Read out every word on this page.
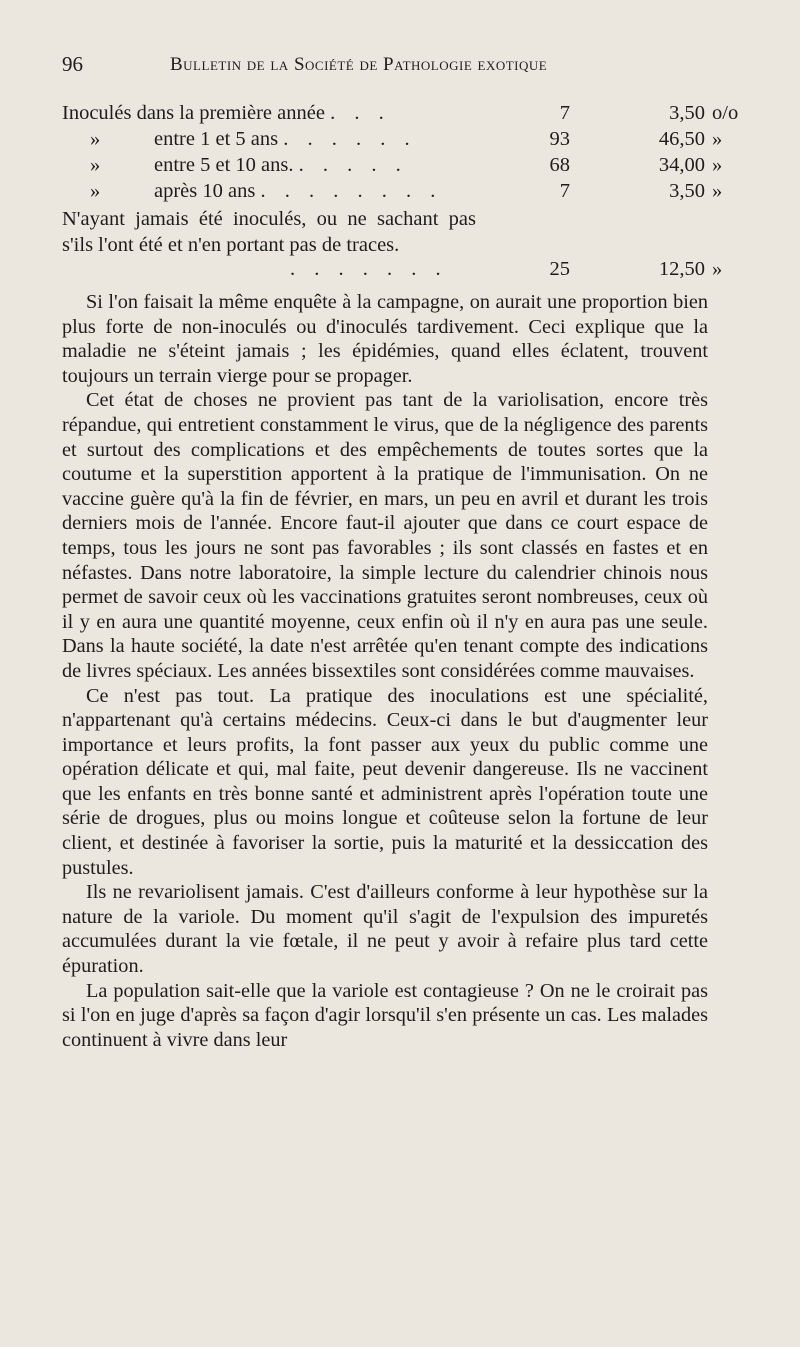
96	Bulletin de la Société de Pathologie exotique
Inoculés dans la première année . . .	7	3,50 o/o
»	entre 1 et 5 ans . . . . . .	93	46,50 »
»	entre 5 et 10 ans. . . . . .	68	34,00 »
»	après 10 ans . . . . . . . .	7	3,50 »
N'ayant jamais été inoculés, ou ne sachant pas s'ils l'ont été et n'en portant pas de traces.
. . . . . . .	25	12,50 »

Si l'on faisait la même enquête à la campagne, on aurait une proportion bien plus forte de non-inoculés ou d'inoculés tardivement. Ceci explique que la maladie ne s'éteint jamais ; les épidémies, quand elles éclatent, trouvent toujours un terrain vierge pour se propager.

Cet état de choses ne provient pas tant de la variolisation, encore très répandue, qui entretient constamment le virus, que de la négligence des parents et surtout des complications et des empêchements de toutes sortes que la coutume et la superstition apportent à la pratique de l'immunisation. On ne vaccine guère qu'à la fin de février, en mars, un peu en avril et durant les trois derniers mois de l'année. Encore faut-il ajouter que dans ce court espace de temps, tous les jours ne sont pas favorables ; ils sont classés en fastes et en néfastes. Dans notre laboratoire, la simple lecture du calendrier chinois nous permet de savoir ceux où les vaccinations gratuites seront nombreuses, ceux où il y en aura une quantité moyenne, ceux enfin où il n'y en aura pas une seule. Dans la haute société, la date n'est arrêtée qu'en tenant compte des indications de livres spéciaux. Les années bissextiles sont considérées comme mauvaises.

Ce n'est pas tout. La pratique des inoculations est une spécialité, n'appartenant qu'à certains médecins. Ceux-ci dans le but d'augmenter leur importance et leurs profits, la font passer aux yeux du public comme une opération délicate et qui, mal faite, peut devenir dangereuse. Ils ne vaccinent que les enfants en très bonne santé et administrent après l'opération toute une série de drogues, plus ou moins longue et coûteuse selon la fortune de leur client, et destinée à favoriser la sortie, puis la maturité et la dessiccation des pustules.

Ils ne revariolisent jamais. C'est d'ailleurs conforme à leur hypothèse sur la nature de la variole. Du moment qu'il s'agit de l'expulsion des impuretés accumulées durant la vie fœtale, il ne peut y avoir à refaire plus tard cette épuration.

La population sait-elle que la variole est contagieuse ? On ne le croirait pas si l'on en juge d'après sa façon d'agir lorsqu'il s'en présente un cas. Les malades continuent à vivre dans leur
